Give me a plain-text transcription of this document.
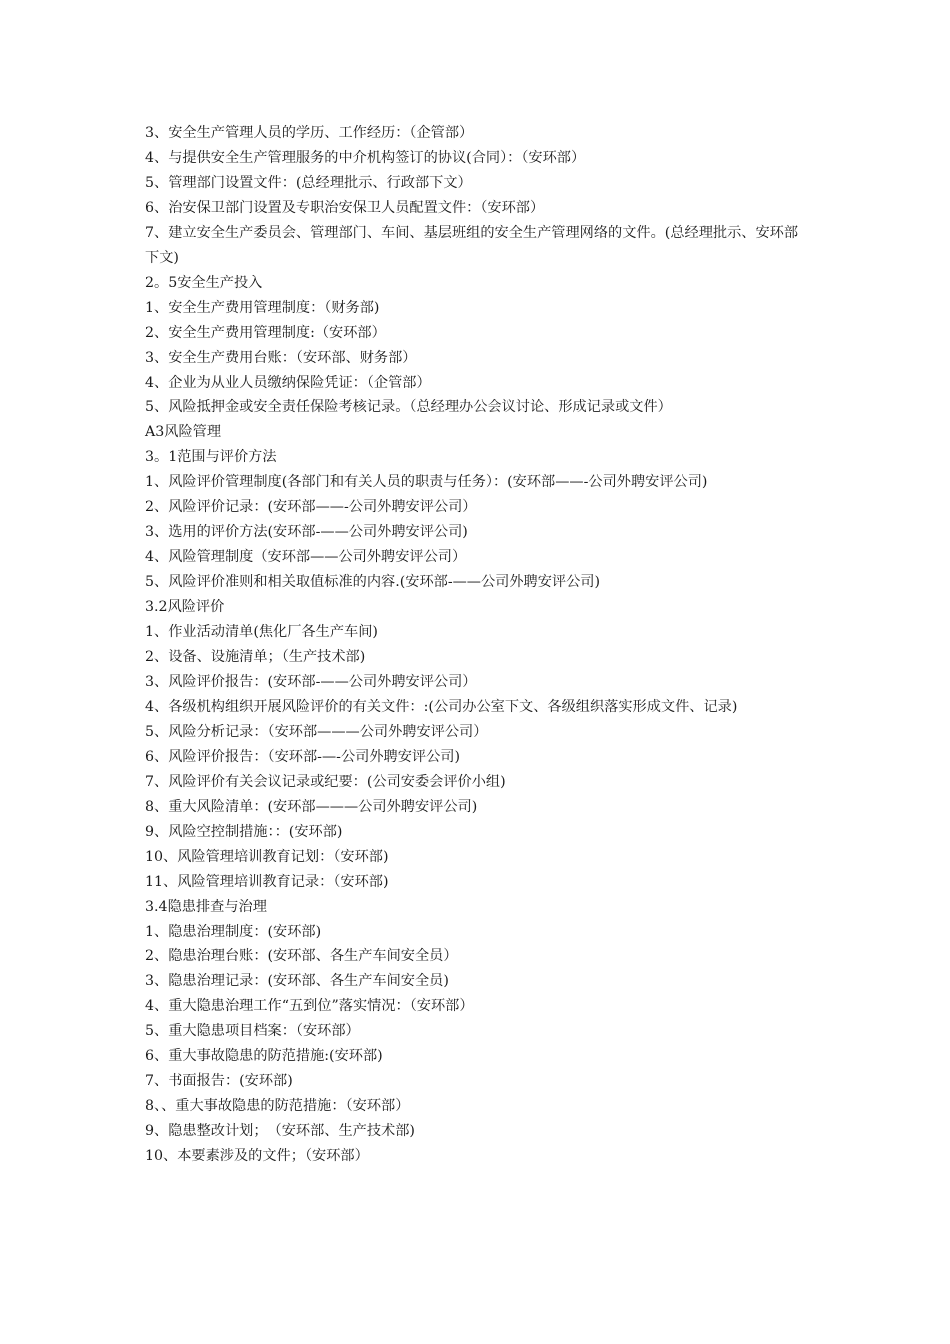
3、安全生产管理人员的学历、工作经历：（企管部）
4、与提供安全生产管理服务的中介机构签订的协议(合同）：（安环部）
5、管理部门设置文件：(总经理批示、行政部下文）
6、治安保卫部门设置及专职治安保卫人员配置文件：（安环部）
7、建立安全生产委员会、管理部门、车间、基层班组的安全生产管理网络的文件。(总经理批示、安环部下文)
2。5安全生产投入
1、安全生产费用管理制度：（财务部)
2、安全生产费用管理制度:（安环部）
3、安全生产费用台账：（安环部、财务部）
4、企业为从业人员缴纳保险凭证：（企管部）
5、风险抵押金或安全责任保险考核记录。（总经理办公会议讨论、形成记录或文件）
A3风险管理
3。1范围与评价方法
1、风险评价管理制度(各部门和有关人员的职责与任务）：(安环部——-公司外聘安评公司)
2、风险评价记录：(安环部——-公司外聘安评公司）
3、选用的评价方法(安环部-——公司外聘安评公司)
4、风险管理制度（安环部——公司外聘安评公司）
5、风险评价准则和相关取值标准的内容.(安环部-——公司外聘安评公司)
3.2风险评价
1、作业活动清单(焦化厂各生产车间)
2、设备、设施清单；（生产技术部)
3、风险评价报告：(安环部-——公司外聘安评公司）
4、各级机构组织开展风险评价的有关文件：:(公司办公室下文、各级组织落实形成文件、记录)
5、风险分析记录：（安环部———公司外聘安评公司）
6、风险评价报告：（安环部-—-公司外聘安评公司)
7、风险评价有关会议记录或纪要：(公司安委会评价小组)
8、重大风险清单：(安环部———公司外聘安评公司)
9、风险空控制措施：：(安环部)
10、风险管理培训教育记划：（安环部)
11、风险管理培训教育记录：（安环部)
3.4隐患排查与治理
1、隐患治理制度：(安环部)
2、隐患治理台账：(安环部、各生产车间安全员）
3、隐患治理记录：(安环部、各生产车间安全员)
4、重大隐患治理工作“五到位”落实情况：（安环部）
5、重大隐患项目档案：（安环部）
6、重大事故隐患的防范措施:(安环部)
7、书面报告：(安环部)
8、、重大事故隐患的防范措施：（安环部）
9、隐患整改计划；　（安环部、生产技术部)
10、本要素涉及的文件；（安环部）
